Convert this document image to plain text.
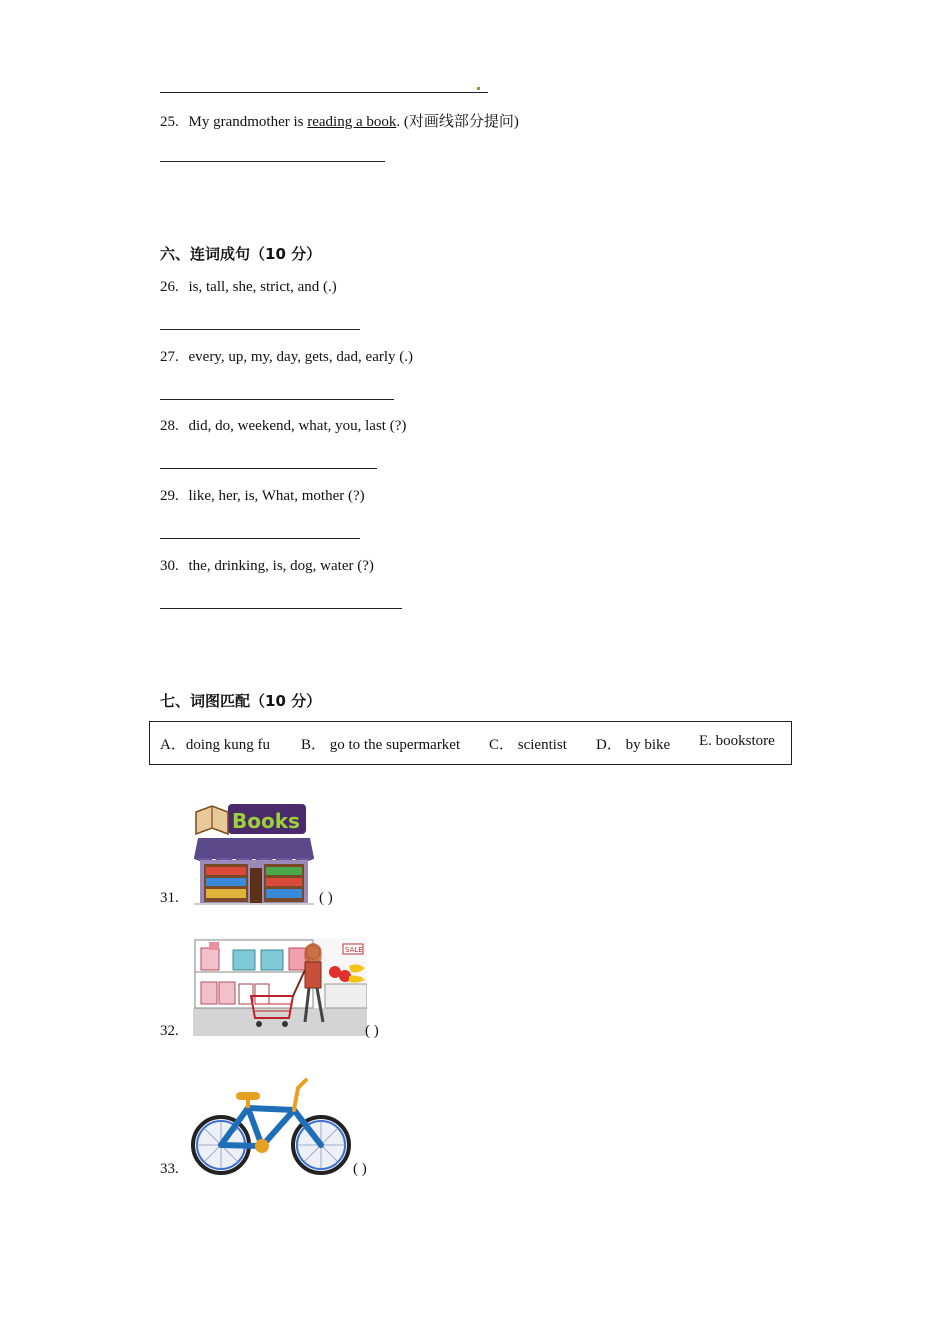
25. My grandmother is reading a book. (对画线部分提问)
六、连词成句（10 分）
26. is, tall, she, strict, and (.)
27. every, up, my, day, gets, dad, early (.)
28. did, do, weekend, what, you, last (?)
29. like, her, is, What, mother (?)
30. the, drinking, is, dog, water (?)
七、词图匹配（10 分）
A．doing kung fu B． go to the supermarket C． scientist D． by bike E. bookstore
Books
31.	( )
SALE
32.	( )
33.	( )
